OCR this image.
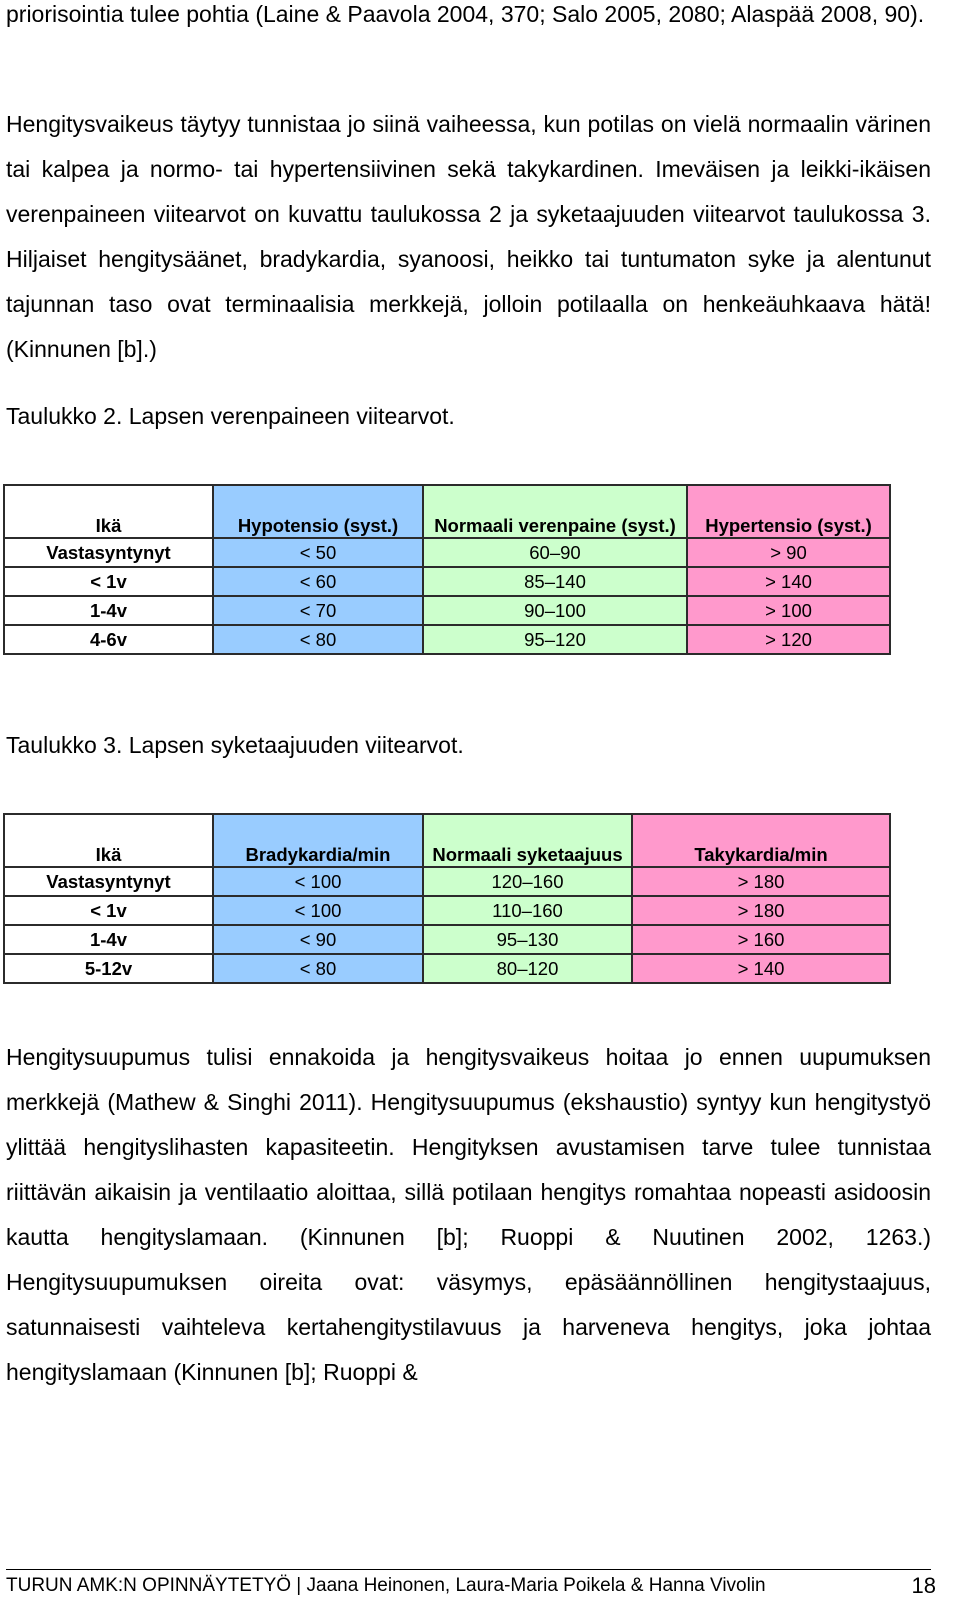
priorisointia tulee pohtia (Laine & Paavola 2004, 370; Salo 2005, 2080; Alaspää 2008, 90).

Hengitysvaikeus täytyy tunnistaa jo siinä vaiheessa, kun potilas on vielä normaalin värinen tai kalpea ja normo- tai hypertensiivinen sekä takykardinen. Imeväisen ja leikki-ikäisen verenpaineen viitearvot on kuvattu taulukossa 2 ja syketaajuuden viitearvot taulukossa 3. Hiljaiset hengitysäänet, bradykardia, syanoosi, heikko tai tuntumaton syke ja alentunut tajunnan taso ovat terminaalisia merkkejä, jolloin potilaalla on henkeäuhkaava hätä! (Kinnunen [b].)

Taulukko 2. Lapsen verenpaineen viitearvot.

Ikä	Hypotensio (syst.)	Normaali verenpaine (syst.)	Hypertensio (syst.)
Vastasyntynyt	< 50	60–90	> 90
< 1v	< 60	85–140	> 140
1-4v	< 70	90–100	> 100
4-6v	< 80	95–120	> 120

Taulukko 3. Lapsen syketaajuuden viitearvot.

Ikä	Bradykardia/min	Normaali syketaajuus	Takykardia/min
Vastasyntynyt	< 100	120–160	> 180
< 1v	< 100	110–160	> 180
1-4v	< 90	95–130	> 160
5-12v	< 80	80–120	> 140

Hengitysuupumus tulisi ennakoida ja hengitysvaikeus hoitaa jo ennen uupumuksen merkkejä (Mathew & Singhi 2011). Hengitysuupumus (ekshaustio) syntyy kun hengitystyö ylittää hengityslihasten kapasiteetin. Hengityksen avustamisen tarve tulee tunnistaa riittävän aikaisin ja ventilaatio aloittaa, sillä potilaan hengitys romahtaa nopeasti asidoosin kautta hengityslamaan. (Kinnunen [b]; Ruoppi & Nuutinen 2002, 1263.) Hengitysuupumuksen oireita ovat: väsymys, epäsäännöllinen hengitystaajuus, satunnaisesti vaihteleva kertahengitystilavuus ja harveneva hengitys, joka johtaa hengityslamaan (Kinnunen [b]; Ruoppi &

TURUN AMK:N OPINNÄYTETYÖ | Jaana Heinonen, Laura-Maria Poikela & Hanna Vivolin	18
